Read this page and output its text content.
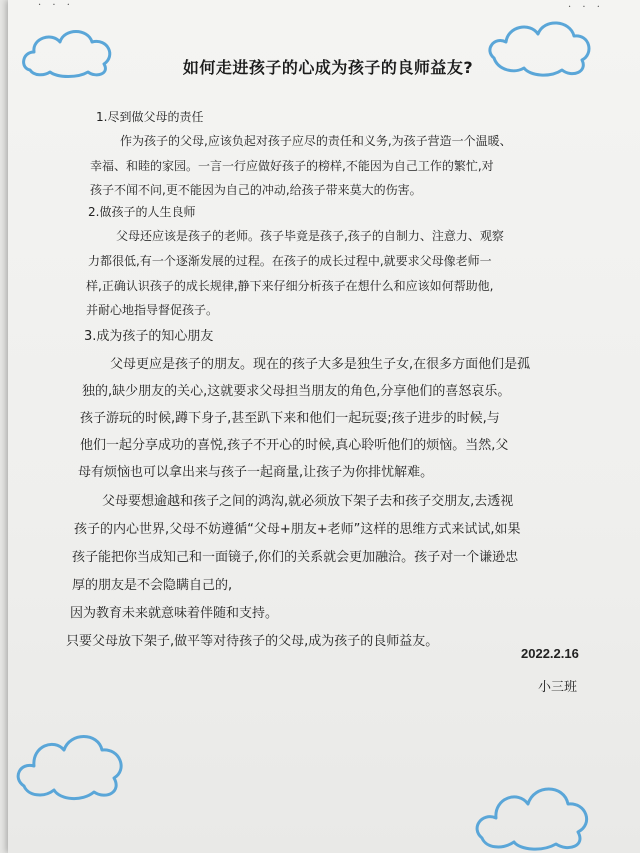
· · ·	· · ·
如何走进孩子的心成为孩子的良师益友?
1.尽到做父母的责任
作为孩子的父母,应该负起对孩子应尽的责任和义务,为孩子营造一个温暖、
幸福、和睦的家园。一言一行应做好孩子的榜样,不能因为自己工作的繁忙,对
孩子不闻不问,更不能因为自己的冲动,给孩子带来莫大的伤害。
2.做孩子的人生良师
父母还应该是孩子的老师。孩子毕竟是孩子,孩子的自制力、注意力、观察
力都很低,有一个逐渐发展的过程。在孩子的成长过程中,就要求父母像老师一
样,正确认识孩子的成长规律,静下来仔细分析孩子在想什么和应该如何帮助他,
并耐心地指导督促孩子。
3.成为孩子的知心朋友
父母更应是孩子的朋友。现在的孩子大多是独生子女,在很多方面他们是孤
独的,缺少朋友的关心,这就要求父母担当朋友的角色,分享他们的喜怒哀乐。
孩子游玩的时候,蹲下身子,甚至趴下来和他们一起玩耍;孩子进步的时候,与
他们一起分享成功的喜悦,孩子不开心的时候,真心聆听他们的烦恼。当然,父
母有烦恼也可以拿出来与孩子一起商量,让孩子为你排忧解难。
父母要想逾越和孩子之间的鸿沟,就必须放下架子去和孩子交朋友,去透视
孩子的内心世界,父母不妨遵循“父母+朋友+老师”这样的思维方式来试试,如果
孩子能把你当成知己和一面镜子,你们的关系就会更加融洽。孩子对一个谦逊忠
厚的朋友是不会隐瞒自己的,
因为教育未来就意味着伴随和支持。
只要父母放下架子,做平等对待孩子的父母,成为孩子的良师益友。
2022.2.16
小三班
